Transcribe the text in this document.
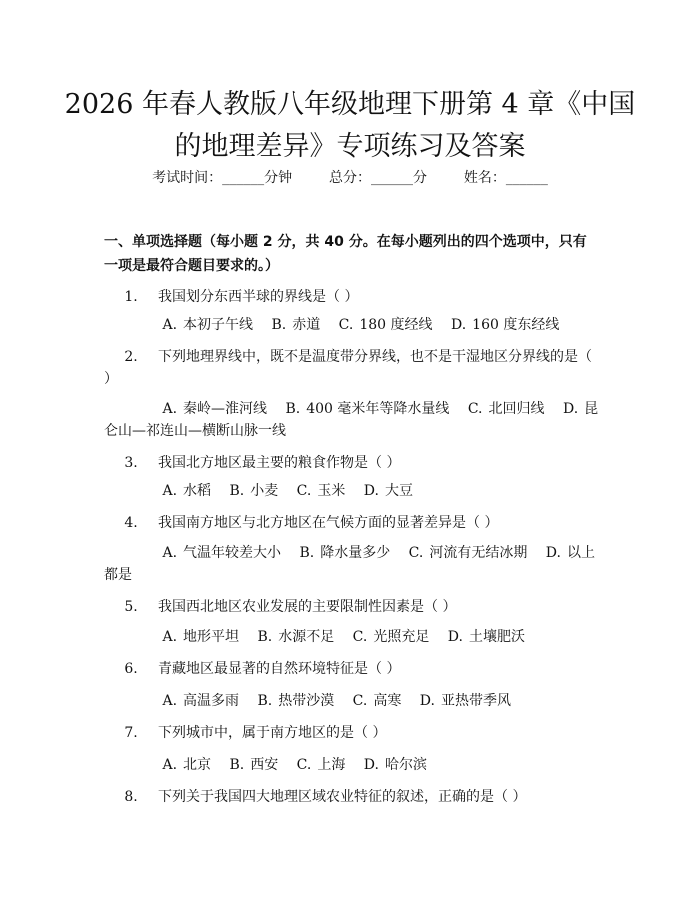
2026 年春人教版八年级地理下册第 4 章《中国的地理差异》专项练习及答案
考试时间：______分钟	总分：______分	姓名：______
一、单项选择题（每小题 2 分，共 40 分。在每小题列出的四个选项中，只有一项是最符合题目要求的。）
1. 我国划分东西半球的界线是（ ）
A. 本初子午线 B. 赤道 C. 180 度经线 D. 160 度东经线
2. 下列地理界线中，既不是温度带分界线，也不是干湿地区分界线的是（ ）
A. 秦岭—淮河线 B. 400 毫米年等降水量线 C. 北回归线 D. 昆仑山—祁连山—横断山脉一线
3. 我国北方地区最主要的粮食作物是（ ）
A. 水稻 B. 小麦 C. 玉米 D. 大豆
4. 我国南方地区与北方地区在气候方面的显著差异是（ ）
A. 气温年较差大小 B. 降水量多少 C. 河流有无结冰期 D. 以上都是
5. 我国西北地区农业发展的主要限制性因素是（ ）
A. 地形平坦 B. 水源不足 C. 光照充足 D. 土壤肥沃
6. 青藏地区最显著的自然环境特征是（ ）
A. 高温多雨 B. 热带沙漠 C. 高寒 D. 亚热带季风
7. 下列城市中，属于南方地区的是（ ）
A. 北京 B. 西安 C. 上海 D. 哈尔滨
8. 下列关于我国四大地理区域农业特征的叙述，正确的是（ ）
